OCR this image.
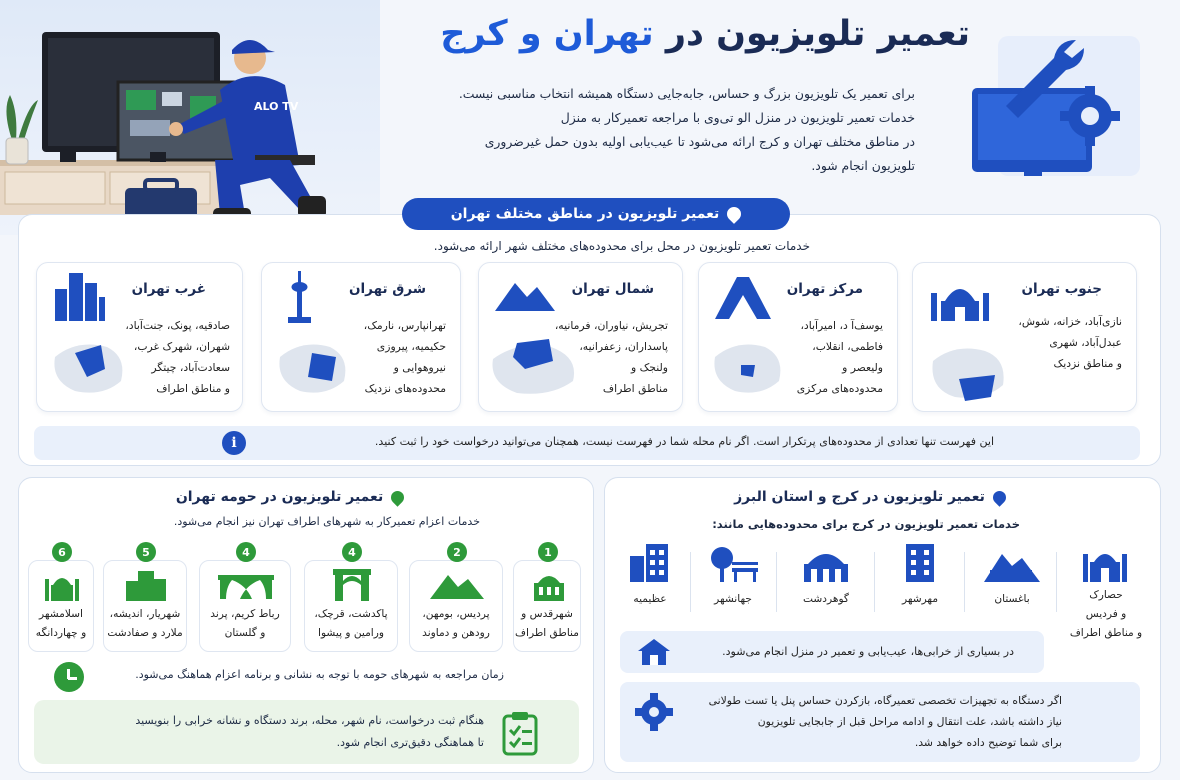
ALO TV
تعمیر تلویزیون در تهران و کرج
برای تعمیر یک تلویزیون بزرگ و حساس، جابه‌جایی دستگاه همیشه انتخاب مناسبی نیست.
خدمات تعمیر تلویزیون در منزل الو تی‌وی با مراجعه تعمیرکار به منزل
در مناطق مختلف تهران و کرج ارائه می‌شود تا عیب‌یابی اولیه بدون حمل غیرضروری
تلویزیون انجام شود.
تعمیر تلویزیون در مناطق مختلف تهران
خدمات تعمیر تلویزیون در محل برای محدوده‌های مختلف شهر ارائه می‌شود.
جنوب تهران

نازی‌آباد، خزانه، شوش،
عبدل‌آباد، شهری
و مناطق نزدیک

مرکز تهران

یوسف‌آ د، امیرآباد،
فاطمی، انقلاب،
ولیعصر و
محدوده‌های مرکزی

شمال تهران

تجریش، نیاوران، فرمانیه،
پاسداران، زعفرانیه،
ولنجک و
مناطق اطراف

شرق تهران

تهرانپارس، نارمک،
حکیمیه، پیروزی
نیروهوایی و
محدوده‌های نزدیک

غرب تهران

صادقیه، پونک، جنت‌آباد،
شهران، شهرک غرب،
سعادت‌آباد، چیتگر
و مناطق اطراف

i	این فهرست تنها تعدادی از محدوده‌های پرتکرار است. اگر نام محله شما در فهرست نیست، همچنان می‌توانید درخواست خود را ثبت کنید.
تعمیر تلویزیون در حومه تهران
خدمات اعزام تعمیرکار به شهرهای اطراف تهران نیز انجام می‌شود.
1
شهرقدس و
مناطق اطراف
2
پردیس، بومهن،
رودهن و دماوند
4
پاکدشت، قرچک،
ورامین و پیشوا
4
رباط کریم، پرند
و گلستان
5
شهریار، اندیشه،
ملارد و صفادشت
6
اسلامشهر
و چهاردانگه
زمان مراجعه به شهرهای حومه با توجه به نشانی و برنامه اعزام هماهنگ می‌شود.
هنگام ثبت درخواست، نام شهر، محله، برند دستگاه و نشانه خرابی را بنویسید
تا هماهنگی دقیق‌تری انجام شود.
تعمیر تلویزیون در کرج و استان البرز
خدمات تعمیر تلویزیون در کرج برای محدوده‌هایی مانند:
حصارک
و فردیس
و مناطق اطراف
باغستان
مهرشهر
گوهردشت
جهانشهر
عظیمیه
در بسیاری از خرابی‌ها، عیب‌یابی و تعمیر در منزل انجام می‌شود.
اگر دستگاه به تجهیزات تخصصی تعمیرگاه، بازکردن حساس پنل یا تست طولانی
نیاز داشته باشد، علت انتقال و ادامه مراحل قبل از جابجایی تلویزیون
برای شما توضیح داده خواهد شد.
